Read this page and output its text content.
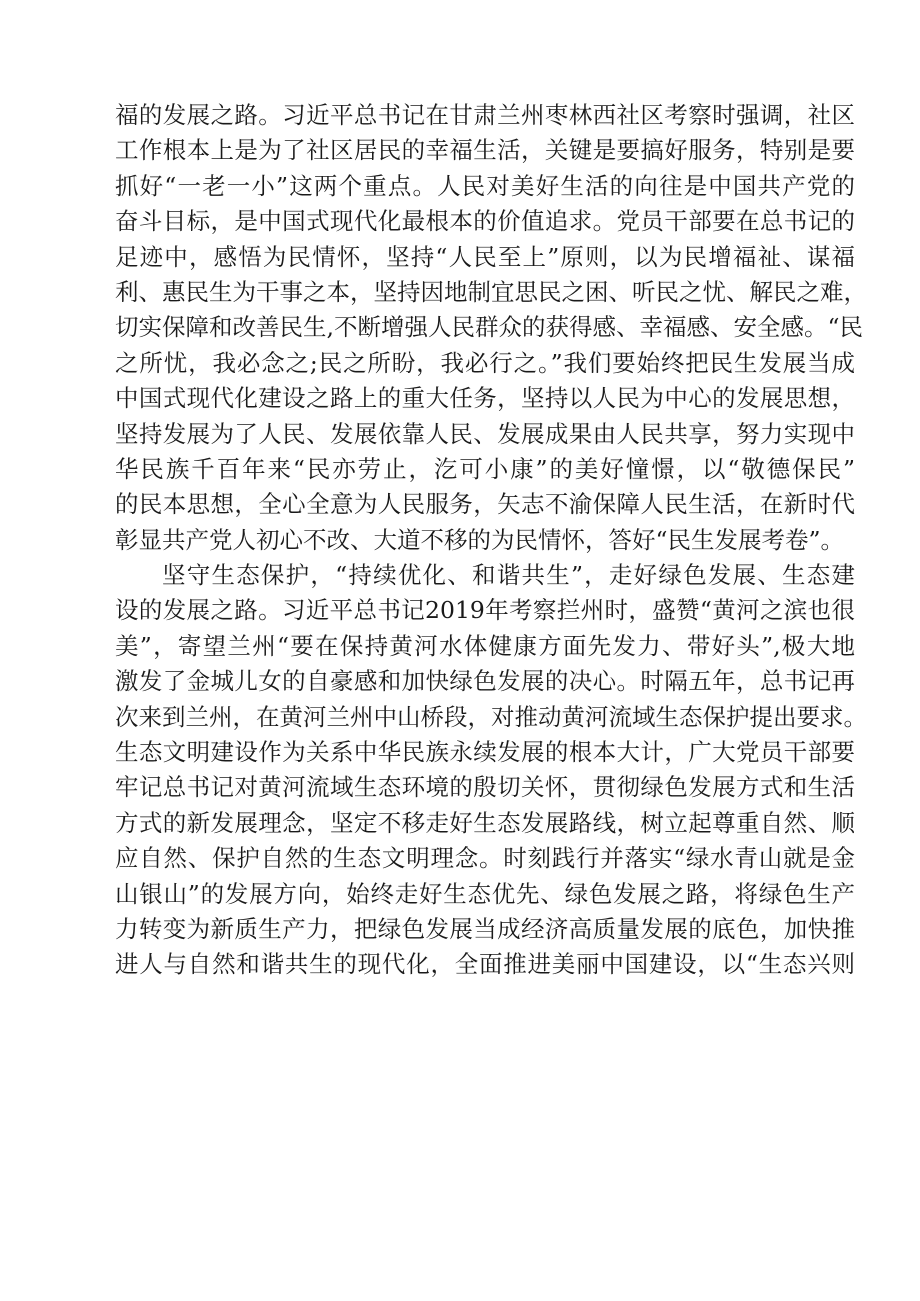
福的发展之路。习近平总书记在甘肃兰州枣林西社区考察时强调，社区
工作根本上是为了社区居民的幸福生活，关键是要搞好服务，特别是要
抓好“一老一小”这两个重点。人民对美好生活的向往是中国共产党的
奋斗目标，是中国式现代化最根本的价值追求。党员干部要在总书记的
足迹中，感悟为民情怀，坚持“人民至上”原则，以为民增福祉、谋福
利、惠民生为干事之本，坚持因地制宜思民之困、听民之忧、解民之难，
切实保障和改善民生,不断增强人民群众的获得感、幸福感、安全感。“民
之所忧，我必念之;民之所盼，我必行之。”我们要始终把民生发展当成
中国式现代化建设之路上的重大任务，坚持以人民为中心的发展思想，
坚持发展为了人民、发展依靠人民、发展成果由人民共享，努力实现中
华民族千百年来“民亦劳止，汔可小康”的美好憧憬，以“敬德保民”
的民本思想，全心全意为人民服务，矢志不渝保障人民生活，在新时代
彰显共产党人初心不改、大道不移的为民情怀，答好“民生发展考卷”。
坚守生态保护，“持续优化、和谐共生”，走好绿色发展、生态建
设的发展之路。习近平总书记2019年考察拦州时，盛赞“黄河之滨也很
美”，寄望兰州“要在保持黄河水体健康方面先发力、带好头”,极大地
激发了金城儿女的自豪感和加快绿色发展的决心。时隔五年，总书记再
次来到兰州，在黄河兰州中山桥段，对推动黄河流域生态保护提出要求。
生态文明建设作为关系中华民族永续发展的根本大计，广大党员干部要
牢记总书记对黄河流域生态环境的殷切关怀，贯彻绿色发展方式和生活
方式的新发展理念，坚定不移走好生态发展路线，树立起尊重自然、顺
应自然、保护自然的生态文明理念。时刻践行并落实“绿水青山就是金
山银山”的发展方向，始终走好生态优先、绿色发展之路，将绿色生产
力转变为新质生产力，把绿色发展当成经济高质量发展的底色，加快推
进人与自然和谐共生的现代化，全面推进美丽中国建设，以“生态兴则
